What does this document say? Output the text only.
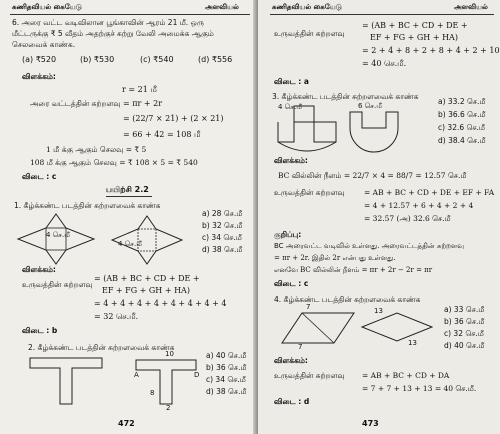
கணிதவியல் கையேடு	அளவியல்
6. அரை வட்ட வடிவிலான பூங்காவின் ஆரம் 21 மீ. ஒரு
மீட்டருக்கு ₹ 5 வீதம் அதற்குச் சுற்று வேலி அமைக்க ஆகும்
செலவைக் காண்க.
(a) ₹520	(b) ₹530	(c) ₹540	(d) ₹556
விளக்கம்:
r = 21 மீ
அரை வட்டத்தின் சுற்றளவு = πr + 2r
= (22/7 × 21) + (2 × 21)
= 66 + 42 = 108 மீ
1 மீ க்கு ஆகும் செலவு = ₹ 5
108 மீ க்கு ஆகும் செலவு = ₹ 108 × 5 = ₹ 540
விடை : c
பயிற்சி 2.2
1. கீழ்க்கண்ட படத்தின் சுற்றளவைக் காண்க
4 செ.மீ
4 செ.மீ
a) 28 செ.மீ
b) 32 செ.மீ
c) 34 செ.மீ
d) 38 செ.மீ
விளக்கம்:
உருவத்தின் சுற்றளவு
= (AB + BC + CD + DE +
EF + FG + GH + HA)
= 4 + 4 + 4 + 4 + 4 + 4 + 4 + 4
= 32 செ.மீ.
விடை : b
2. கீழ்க்கண்ட படத்தின் சுற்றளவைக் காண்க
10
A	D
8
2
a) 40 செ.மீ
b) 36 செ.மீ
c) 34 செ.மீ
d) 38 செ.மீ
472
கணிதவியல் கையேடு	அளவியல்
உருவத்தின் சுற்றளவு
= (AB + BC + CD + DE +
EF + FG + GH + HA)
= 2 + 4 + 8 + 2 + 8 + 4 + 2 + 10
= 40 செ.மீ.
விடை : a
3. கீழ்க்கண்ட படத்தின் சுற்றளவைக் காண்க
4 செ.மீ	6 செ.மீ	a) 33.2 செ.மீ
b) 36.6 செ.மீ
c) 32.6 செ.மீ
d) 38.4 செ.மீ
விளக்கம்:
BC வில்லின் நீளம் = 22/7 × 4 = 88/7 = 12.57 செ.மீ
உருவத்தின் சுற்றளவு	= AB + BC + CD + DE + EF + FA
= 4 + 12.57 + 6 + 4 + 2 + 4
= 32.57 (அ) 32.6 செ.மீ
குறிப்பு:
BC அரைவட்ட வடிவில் உள்ளது. அரைவட்டத்தின் சுற்றளவு
= πr + 2r. இதில் 2r என்பது உள்ளது.
எனவே BC வில்லின் நீளம் = πr + 2r − 2r = πr
விடை : c
4. கீழ்க்கண்ட படத்தின் சுற்றளவைக் காண்க
7
7
13
13
a) 33 செ.மீ
b) 36 செ.மீ
c) 32 செ.மீ
d) 40 செ.மீ
விளக்கம்:
உருவத்தின் சுற்றளவு = AB + BC + CD + DA
= 7 + 7 + 13 + 13 = 40 செ.மீ.
விடை : d
473
